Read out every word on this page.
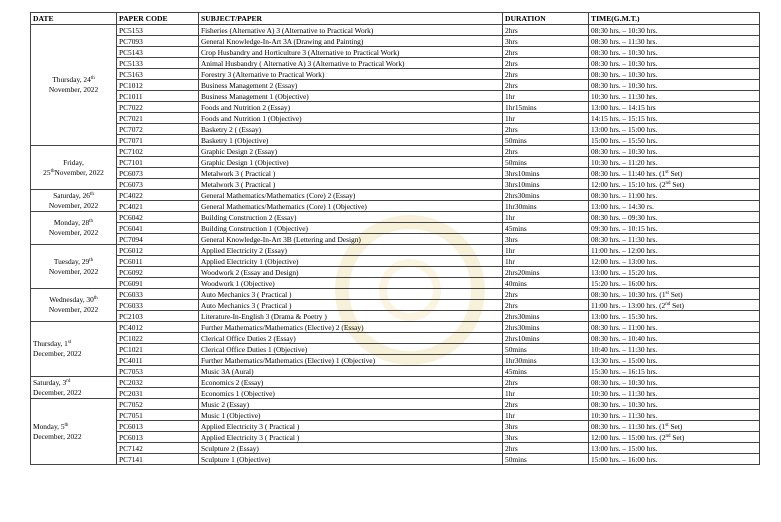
DATE	PAPER CODE	SUBJECT/PAPER	DURATION	TIME(G.M.T.)
Thursday, 24th
November, 2022	PC5153	Fisheries (Alternative A) 3 (Alternative to Practical Work)	2hrs	08:30 hrs. – 10:30 hrs.
	PC7093	General Knowledge-In-Art 3A (Drawing and Painting)	3hrs	08:30 hrs. – 11:30 hrs.
	PC5143	Crop Husbandry and Horticulture 3 (Alternative to Practical Work)	2hrs	08:30 hrs. – 10:30 hrs.
	PC5133	Animal Husbandry ( Alternative A) 3 (Alternative to Practical Work)	2hrs	08:30 hrs. – 10:30 hrs.
	PC5163	Forestry 3 (Alternative to Practical Work)	2hrs	08:30 hrs. – 10:30 hrs.
	PC1012	Business Management 2 (Essay)	2hrs	08:30 hrs. – 10:30 hrs.
	PC1011	Business Management 1 (Objective)	1hr	10:30 hrs. – 11:30 hrs.
	PC7022	Foods and Nutrition 2 (Essay)	1hr15mins	13:00 hrs. – 14:15 hrs
	PC7021	Foods and Nutrition 1 (Objective)	1hr	14:15 hrs. – 15:15 hrs.
	PC7072	Basketry 2 ( (Essay)	2hrs	13:00 hrs. – 15:00 hrs.
	PC7071	Basketry 1 (Objective)	50mins	15:00 hrs. – 15:50 hrs.
Friday,
25thNovember, 2022	PC7102	Graphic Design 2 (Essay)	2hrs	08:30 hrs. – 10:30 hrs.
	PC7101	Graphic Design 1 (Objective)	50mins	10:30 hrs. – 11:20 hrs.
	PC6073	Metalwork 3 ( Practical )	3hrs10mins	08:30 hrs. – 11:40 hrs. (1st Set)
	PC6073	Metalwork 3 ( Practical )	3hrs10mins	12:00 hrs. – 15:10 hrs. (2nd Set)
Saturday, 26th
November, 2022	PC4022	General Mathematics/Mathematics (Core) 2 (Essay)	2hrs30mins	08:30 hrs. – 11:00 hrs.
	PC4021	General Mathematics/Mathematics (Core) 1 (Objective)	1hr30mins	13:00 hrs. – 14:30 rs.
Monday, 28th
November, 2022	PC6042	Building Construction 2 (Essay)	1hr	08:30 hrs. – 09:30 hrs.
	PC6041	Building Construction 1 (Objective)	45mins	09:30 hrs. – 10:15 hrs.
	PC7094	General Knowledge-In-Art 3B (Lettering and Design)	3hrs	08:30 hrs. – 11:30 hrs.
Tuesday, 29th
November, 2022	PC6012	Applied Electricity 2 (Essay)	1hr	11:00 hrs. – 12:00 hrs.
	PC6011	Applied Electricity 1 (Objective)	1hr	12:00 hrs. – 13:00 hrs.
	PC6092	Woodwork 2 (Essay and Design)	2hrs20mins	13:00 hrs. – 15:20 hrs.
	PC6091	Woodwork 1 (Objective)	40mins	15:20 hrs. – 16:00 hrs.
Wednesday, 30th
November, 2022	PC6033	Auto Mechanics 3 ( Practical )	2hrs	08:30 hrs. – 10:30 hrs. (1st Set)
	PC6033	Auto Mechanics 3 ( Practical )	2hrs	11:00 hrs. – 13:00 hrs. (2nd Set)
	PC2103	Literature-In-English 3 (Drama & Poetry )	2hrs30mins	13:00 hrs. – 15:30 hrs.
Thursday, 1st
December, 2022	PC4012	Further Mathematics/Mathematics (Elective) 2 (Essay)	2hrs30mins	08:30 hrs. – 11:00 hrs.
	PC1022	Clerical Office Duties 2 (Essay)	2hrs10mins	08:30 hrs. – 10:40 hrs.
	PC1021	Clerical Office Duties 1 (Objective)	50mins	10:40 hrs. – 11:30 hrs.
	PC4011	Further Mathematics/Mathematics (Elective) 1 (Objective)	1hr30mins	13:30 hrs. – 15:00 hrs.
	PC7053	Music 3A (Aural)	45mins	15:30 hrs. – 16:15 hrs.
Saturday, 3rd
December, 2022	PC2032	Economics 2 (Essay)	2hrs	08:30 hrs. – 10:30 hrs.
	PC2031	Economics 1 (Objective)	1hr	10:30 hrs. – 11:30 hrs.
Monday, 5th
December, 2022	PC7052	Music 2 (Essay)	2hrs	08:30 hrs. – 10:30 hrs.
	PC7051	Music 1 (Objective)	1hr	10:30 hrs. – 11:30 hrs.
	PC6013	Applied Electricity 3 ( Practical )	3hrs	08:30 hrs. – 11:30 hrs. (1st Set)
	PC6013	Applied Electricity 3 ( Practical )	3hrs	12:00 hrs. – 15:00 hrs. (2nd Set)
	PC7142	Sculpture 2 (Essay)	2hrs	13:00 hrs. – 15:00 hrs.
	PC7141	Sculpture 1 (Objective)	50mins	15:00 hrs. – 16:00 hrs.
